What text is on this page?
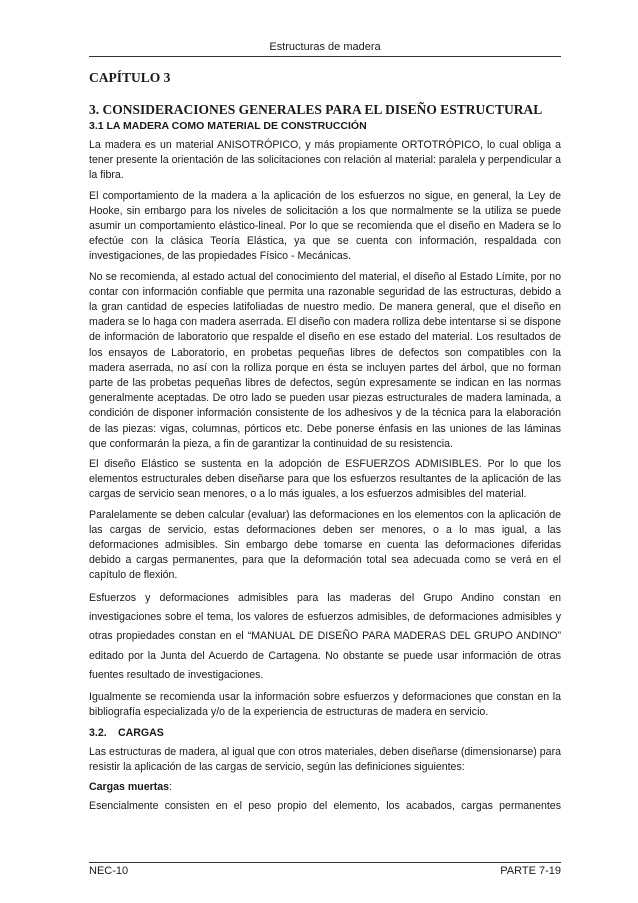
Estructuras de madera
CAPÍTULO 3
3. CONSIDERACIONES GENERALES PARA EL DISEÑO ESTRUCTURAL
3.1 LA MADERA COMO MATERIAL DE CONSTRUCCIÓN

La madera es un material ANISOTRÓPICO, y más propiamente ORTOTRÓPICO, lo cual obliga a tener presente la orientación de las solicitaciones con relación al material: paralela y perpendicular a la fibra.

El comportamiento de la madera a la aplicación de los esfuerzos no sigue, en general, la Ley de Hooke, sin embargo para los niveles de solicitación a los que normalmente se la utiliza se puede asumir un comportamiento elástico-lineal. Por lo que se recomienda que el diseño en Madera se lo efectúe con la clásica Teoría Elástica, ya que se cuenta con información, respaldada con investigaciones, de las propiedades Físico - Mecánicas.

No se recomienda, al estado actual del conocimiento del material, el diseño al Estado Límite, por no contar con información confiable que permita una razonable seguridad de las estructuras, debido a la gran cantidad de especies latifoliadas de nuestro medio. De manera general, que el diseño en madera se lo haga con madera aserrada. El diseño con madera rolliza debe intentarse si se dispone de información de laboratorio que respalde el diseño en ese estado del material. Los resultados de los ensayos de Laboratorio, en probetas pequeñas libres de defectos son compatibles con la madera aserrada, no así con la rolliza porque en ésta se incluyen partes del árbol, que no forman parte de las probetas pequeñas libres de defectos, según expresamente se indican en las normas generalmente aceptadas. De otro lado se pueden usar piezas estructurales de madera laminada, a condición de disponer información consistente de los adhesivos y de la técnica para la elaboración de las piezas: vigas, columnas, pórticos etc. Debe ponerse énfasis en las uniones de las láminas que conformarán la pieza, a fin de garantizar la continuidad de su resistencia.

El diseño Elástico se sustenta en la adopción de ESFUERZOS ADMISIBLES. Por lo que los elementos estructurales deben diseñarse para que los esfuerzos resultantes de la aplicación de las cargas de servicio sean menores, o a lo más iguales, a los esfuerzos admisibles del material.

Paralelamente se deben calcular (evaluar) las deformaciones en los elementos con la aplicación de las cargas de servicio, estas deformaciones deben ser menores, o a lo mas igual, a las deformaciones admisibles. Sin embargo debe tomarse en cuenta las deformaciones diferidas debido a cargas permanentes, para que la deformación total sea adecuada como se verá en el capítulo de flexión.

Esfuerzos y deformaciones admisibles para las maderas del Grupo Andino constan en investigaciones sobre el tema, los valores de esfuerzos admisibles, de deformaciones admisibles y otras propiedades constan en el “MANUAL DE DISEÑO PARA MADERAS DEL GRUPO ANDINO” editado por la Junta del Acuerdo de Cartagena. No obstante se puede usar información de otras fuentes resultado de investigaciones.

Igualmente se recomienda usar la información sobre esfuerzos y deformaciones que constan en la bibliografía especializada y/o de la experiencia de estructuras de madera en servicio.

3.2. CARGAS

Las estructuras de madera, al igual que con otros materiales, deben diseñarse (dimensionarse) para resistir la aplicación de las cargas de servicio, según las definiciones siguientes:

Cargas muertas:

Esencialmente consisten en el peso propio del elemento, los acabados, cargas permanentes

NEC-10	PARTE 7-19
